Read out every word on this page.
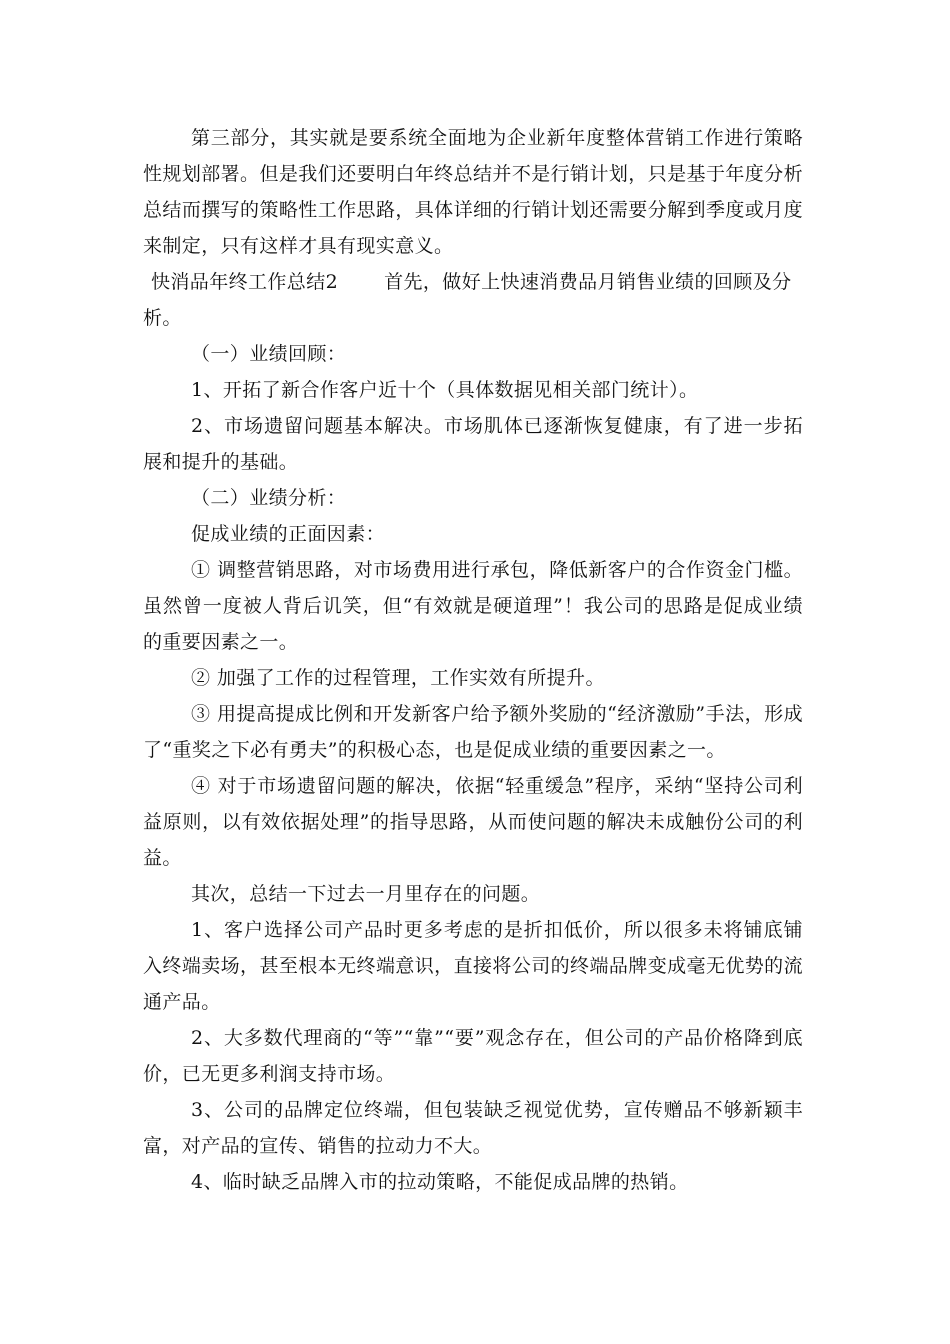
第三部分，其实就是要系统全面地为企业新年度整体营销工作进行策略性规划部署。但是我们还要明白年终总结并不是行销计划，只是基于年度分析总结而撰写的策略性工作思路，具体详细的行销计划还需要分解到季度或月度来制定，只有这样才具有现实意义。

快消品年终工作总结2 首先，做好上快速消费品月销售业绩的回顾及分析。

（一）业绩回顾：

1、开拓了新合作客户近十个（具体数据见相关部门统计）。

2、市场遗留问题基本解决。市场肌体已逐渐恢复健康，有了进一步拓展和提升的基础。

（二）业绩分析：

促成业绩的正面因素：

① 调整营销思路，对市场费用进行承包，降低新客户的合作资金门槛。虽然曾一度被人背后讥笑，但“有效就是硬道理”！我公司的思路是促成业绩的重要因素之一。

② 加强了工作的过程管理，工作实效有所提升。

③ 用提高提成比例和开发新客户给予额外奖励的“经济激励”手法，形成了“重奖之下必有勇夫”的积极心态，也是促成业绩的重要因素之一。

④ 对于市场遗留问题的解决，依据“轻重缓急”程序，采纳“坚持公司利益原则，以有效依据处理”的指导思路，从而使问题的解决未成触份公司的利益。

其次，总结一下过去一月里存在的问题。

1、客户选择公司产品时更多考虑的是折扣低价，所以很多未将铺底铺入终端卖场，甚至根本无终端意识，直接将公司的终端品牌变成毫无优势的流通产品。

2、大多数代理商的“等”“靠”“要”观念存在，但公司的产品价格降到底价，已无更多利润支持市场。

3、公司的品牌定位终端，但包装缺乏视觉优势，宣传赠品不够新颖丰富，对产品的宣传、销售的拉动力不大。

4、临时缺乏品牌入市的拉动策略，不能促成品牌的热销。
